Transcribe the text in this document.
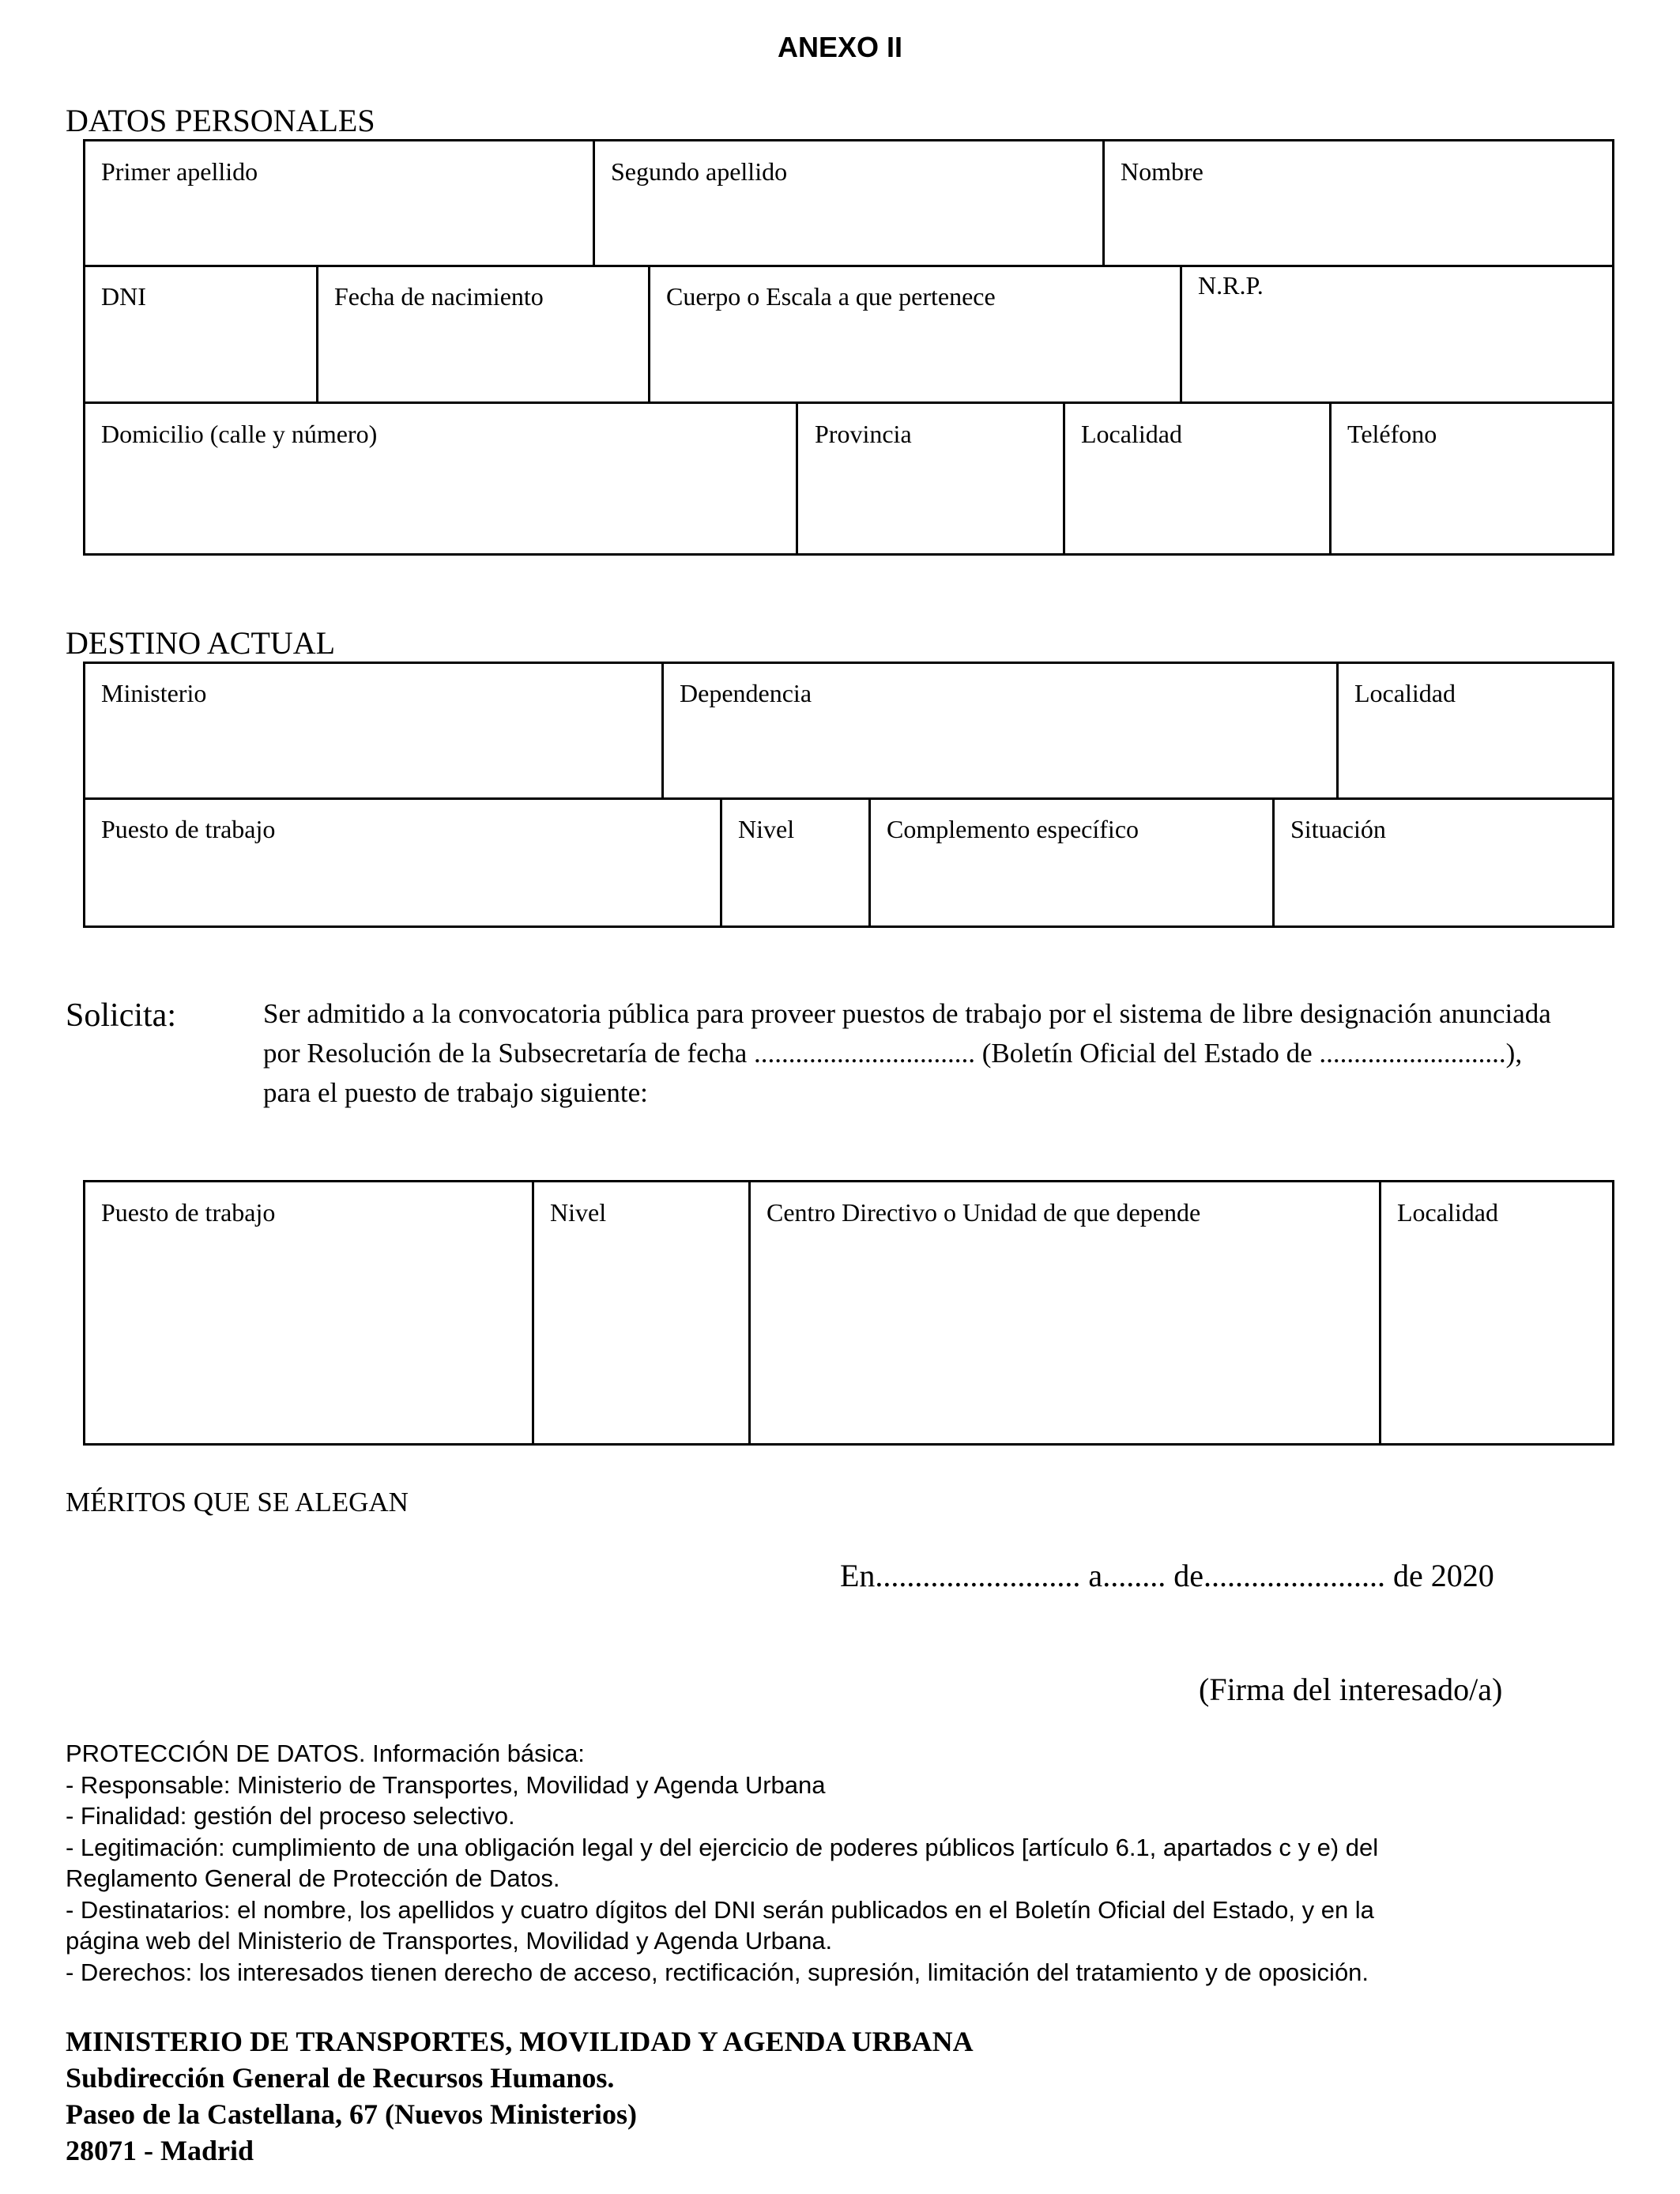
ANEXO II
DATOS PERSONALES
Primer apellido	Segundo apellido	Nombre
DNI	Fecha de nacimiento	Cuerpo o Escala a que pertenece	N.R.P.
Domicilio (calle y número)	Provincia	Localidad	Teléfono
DESTINO ACTUAL
Ministerio	Dependencia	Localidad
Puesto de trabajo	Nivel	Complemento específico	Situación
Solicita:	Ser admitido a la convocatoria pública para proveer puestos de trabajo por el sistema de libre designación anunciada
por Resolución de la Subsecretaría de fecha ................................ (Boletín Oficial del Estado de ...........................),
para el puesto de trabajo siguiente:
Puesto de trabajo	Nivel	Centro Directivo o Unidad de que depende	Localidad
MÉRITOS QUE SE ALEGAN
En.......................... a........ de....................... de 2020
(Firma del interesado/a)
PROTECCIÓN DE DATOS. Información básica:
- Responsable: Ministerio de Transportes, Movilidad y Agenda Urbana
- Finalidad: gestión del proceso selectivo.
- Legitimación: cumplimiento de una obligación legal y del ejercicio de poderes públicos [artículo 6.1, apartados c y e) del
Reglamento General de Protección de Datos.
- Destinatarios: el nombre, los apellidos y cuatro dígitos del DNI serán publicados en el Boletín Oficial del Estado, y en la
página web del Ministerio de Transportes, Movilidad y Agenda Urbana.
- Derechos: los interesados tienen derecho de acceso, rectificación, supresión, limitación del tratamiento y de oposición.
MINISTERIO DE TRANSPORTES, MOVILIDAD Y AGENDA URBANA
Subdirección General de Recursos Humanos.
Paseo de la Castellana, 67 (Nuevos Ministerios)
28071 - Madrid
